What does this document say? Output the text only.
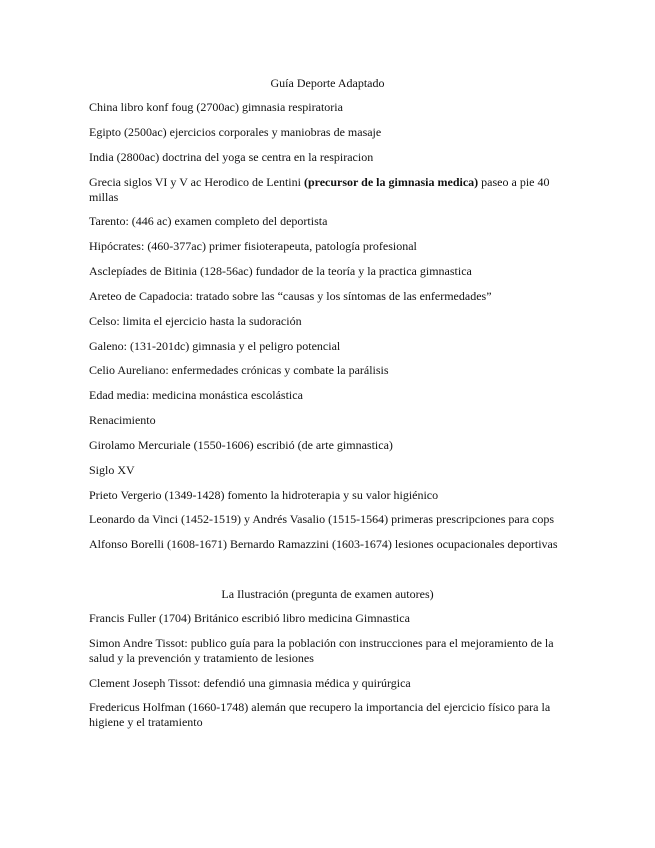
Guía Deporte Adaptado
China libro konf foug (2700ac) gimnasia respiratoria
Egipto (2500ac) ejercicios corporales y maniobras de masaje
India (2800ac) doctrina del yoga se centra en la respiracion
Grecia siglos VI y V ac Herodico de Lentini (precursor de la gimnasia medica) paseo a pie 40 millas
Tarento: (446 ac) examen completo del deportista
Hipócrates: (460-377ac) primer fisioterapeuta, patología profesional
Asclepíades de Bitinia (128-56ac) fundador de la teoría y la practica gimnastica
Areteo de Capadocia: tratado sobre las “causas y los síntomas de las enfermedades”
Celso: limita el ejercicio hasta la sudoración
Galeno: (131-201dc) gimnasia y el peligro potencial
Celio Aureliano: enfermedades crónicas y combate la parálisis
Edad media: medicina monástica escolástica
Renacimiento
Girolamo Mercuriale (1550-1606) escribió (de arte gimnastica)
Siglo XV
Prieto Vergerio (1349-1428) fomento la hidroterapia y su valor higiénico
Leonardo da Vinci (1452-1519) y Andrés Vasalio (1515-1564) primeras prescripciones para cops
Alfonso Borelli (1608-1671) Bernardo Ramazzini (1603-1674) lesiones ocupacionales deportivas
La Ilustración (pregunta de examen autores)
Francis Fuller (1704) Británico escribió libro medicina Gimnastica
Simon Andre Tissot: publico guía para la población con instrucciones para el mejoramiento de la salud y la prevención y tratamiento de lesiones
Clement Joseph Tissot: defendió una gimnasia médica y quirúrgica
Fredericus Holfman (1660-1748) alemán que recupero la importancia del ejercicio físico para la higiene y el tratamiento
